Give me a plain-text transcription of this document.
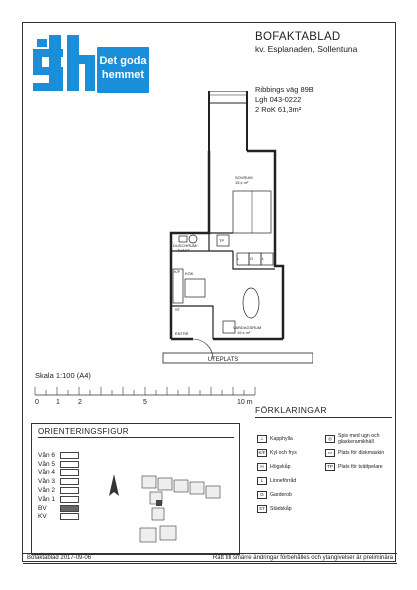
Det goda
hemmet
BOFAKTABLAD
kv. Esplanaden, Sollentuna
Ribbings väg 89B
Lgh 043-0222
2 RoK 61,3m²
SOVRUM
15,x m²
DUSCHRUM/
TVÄTT
KÖK
VARDAGSRUM
19,x m²
ENTRÉ
L	G L
TP
K/F
ST
UTEPLATS
Skala 1:100 (A4)
0 1	2	5	10 m
FÖRKLARINGAR
⊥	Kapphylla	◎	Spis med ugn och glaskeramikhäll
K/F Kyl och frys	▭	Plats för diskmaskin
H	Högskåp	TP Plats för tvättpelare
L	Linneförråd
G	Garderob
ST Städskåp
ORIENTERINGSFIGUR
Vån 6
Vån 5
Vån 4
Vån 3
Vån 2
Vån 1
BV
KV
Bofaktablad 2017-09-06	Rätt till smärre ändringar förbehålles och ytangivelser är preliminära
